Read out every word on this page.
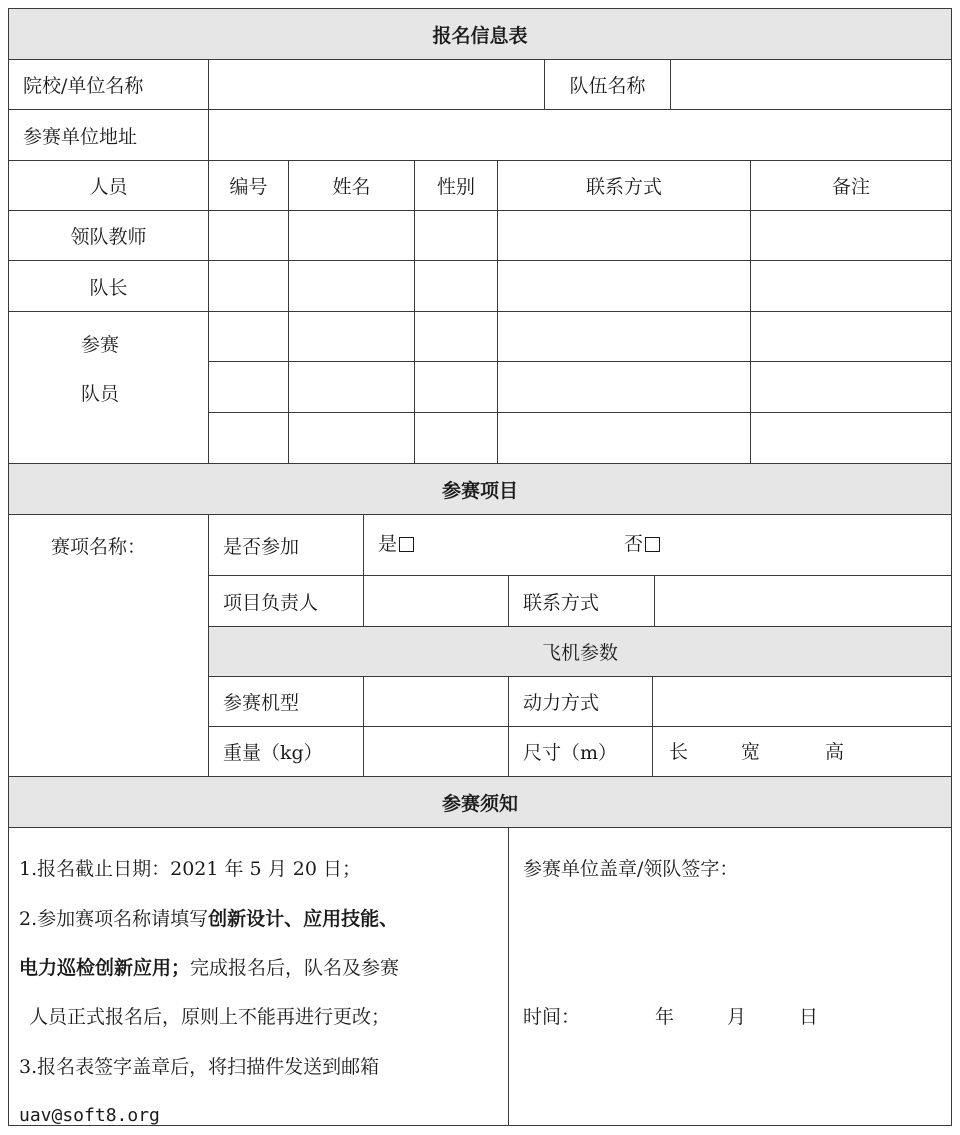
报名信息表
院校/单位名称	队伍名称
参赛单位地址
人员	编号	姓名	性别	联系方式	备注
领队教师
队长
参赛
队员
参赛项目
赛项名称：	是否参加	是	否
项目负责人	联系方式
飞机参数
参赛机型	动力方式
重量（kg）	尺寸（m）	长	宽	高
参赛须知
1.报名截止日期：2021 年 5 月 20 日；
2.参加赛项名称请填写创新设计、应用技能、
电力巡检创新应用；完成报名后，队名及参赛
人员正式报名后，原则上不能再进行更改；
3.报名表签字盖章后，将扫描件发送到邮箱
uav@soft8.org
参赛单位盖章/领队签字：
时间：	年	月	日
